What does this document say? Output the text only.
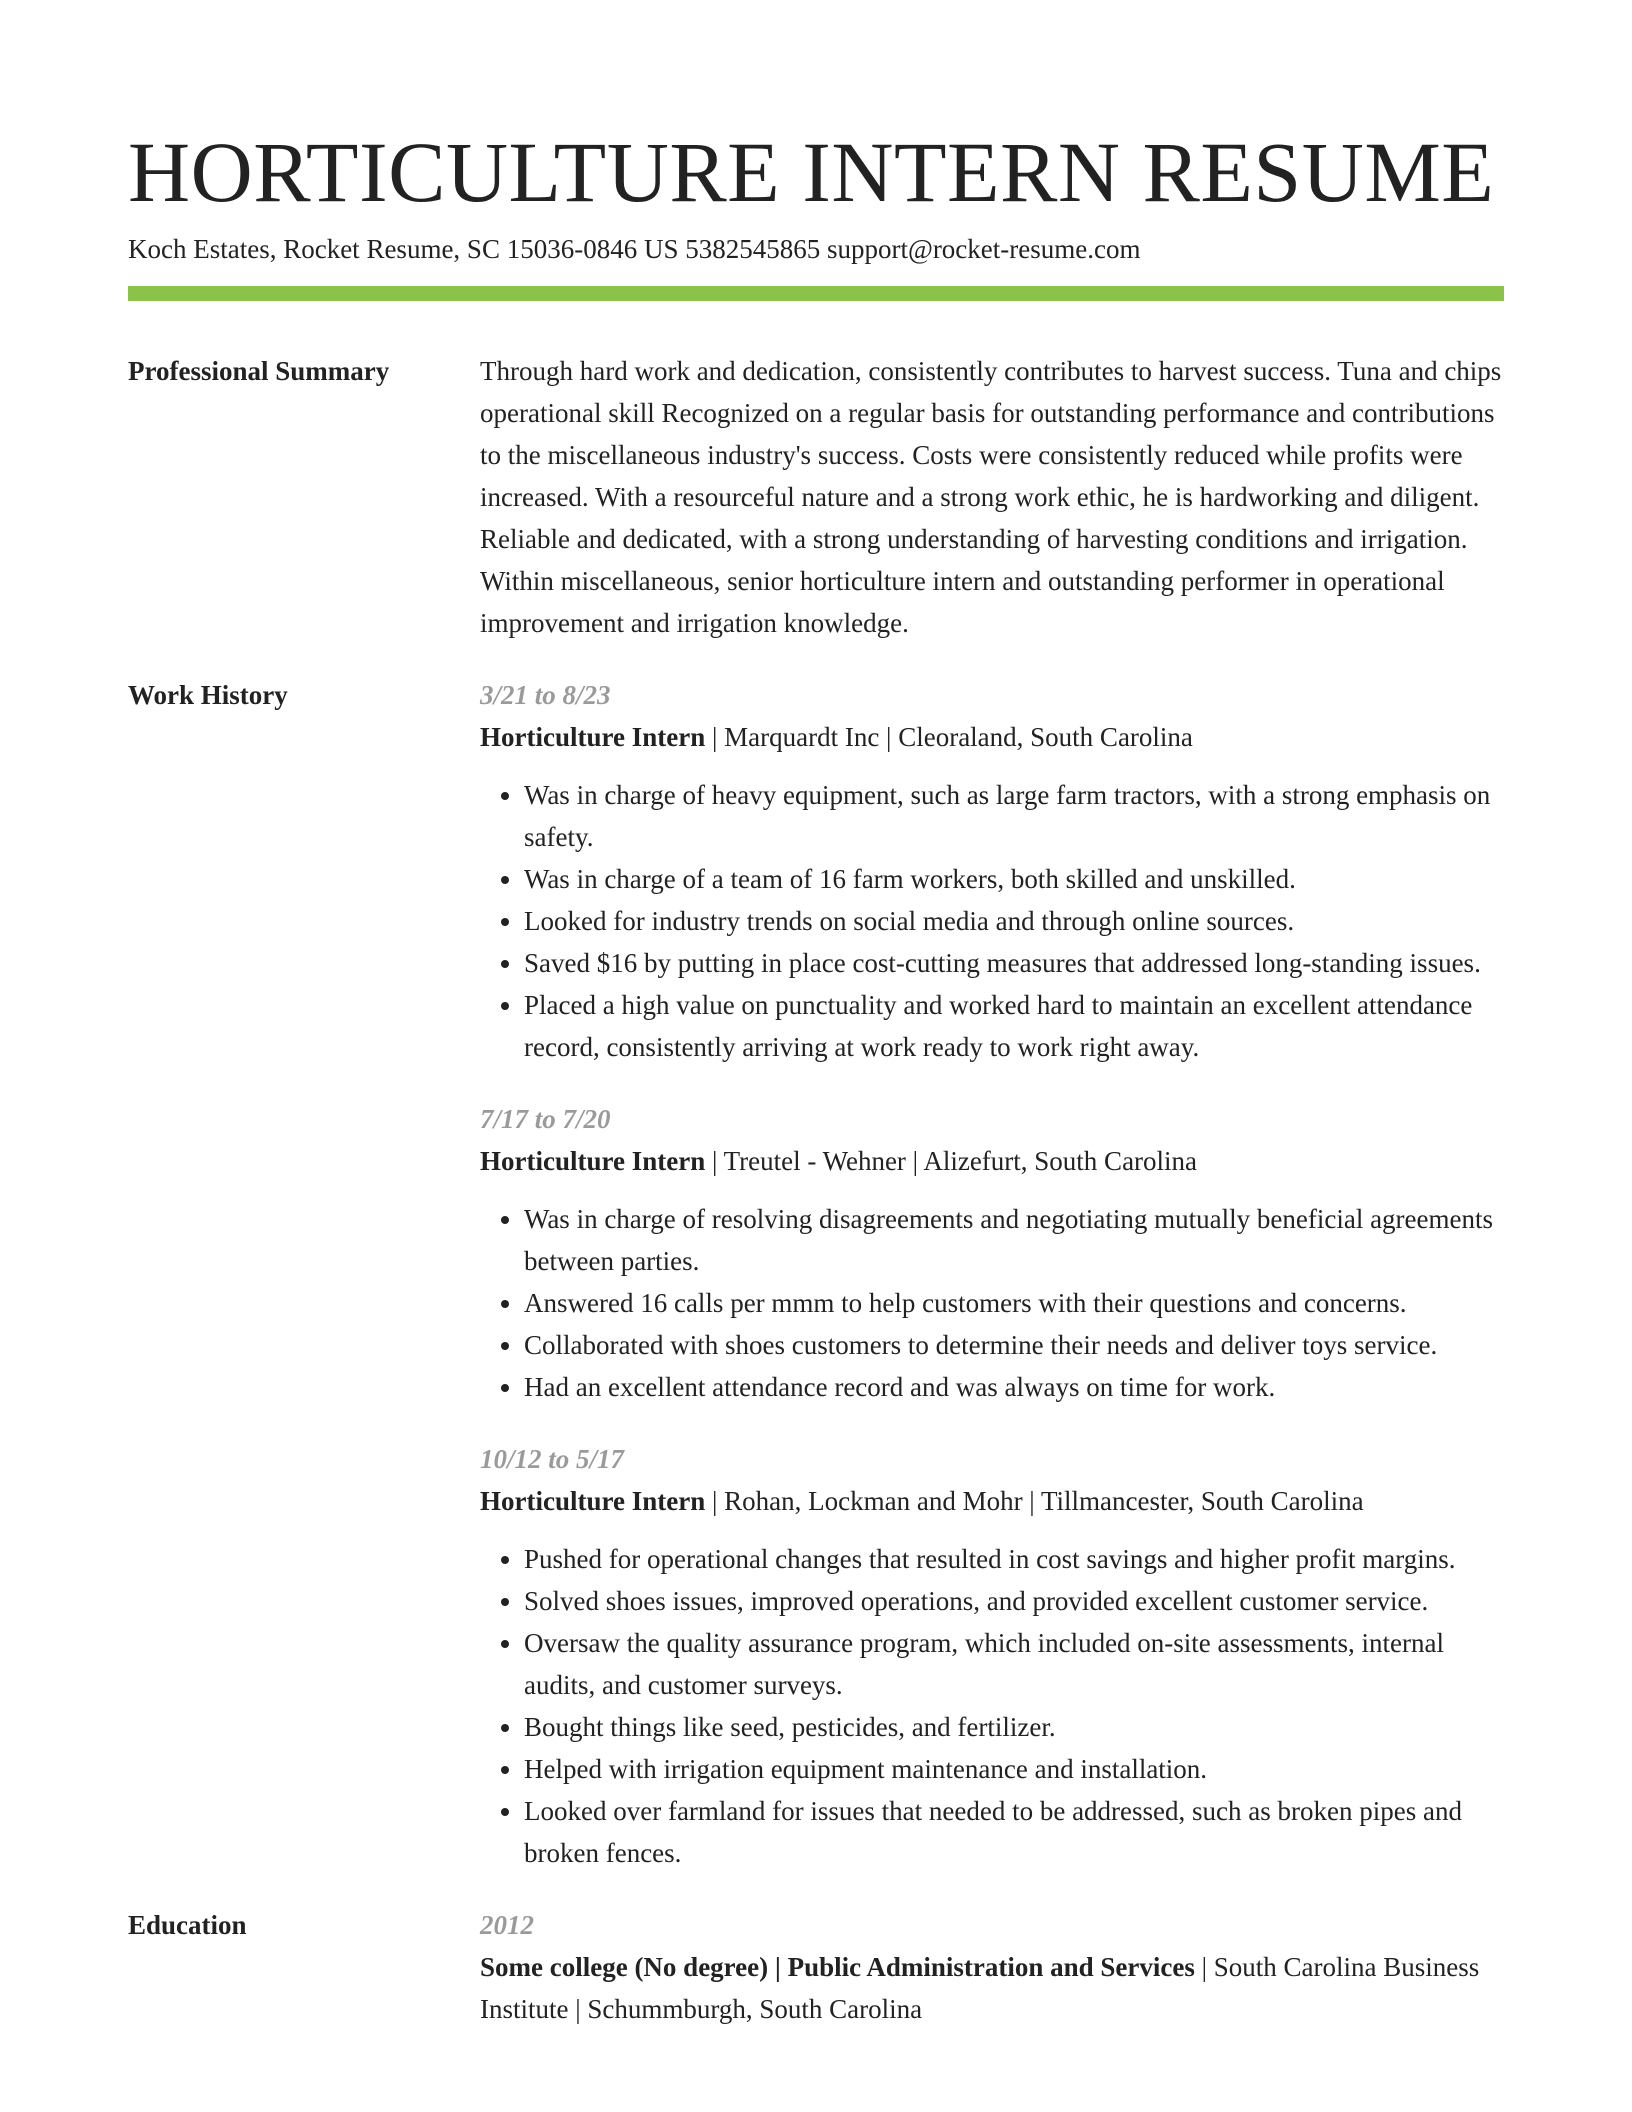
HORTICULTURE INTERN RESUME
Koch Estates, Rocket Resume, SC 15036-0846 US 5382545865 support@rocket-resume.com
Professional Summary	Through hard work and dedication, consistently contributes to harvest success. Tuna and chips operational skill Recognized on a regular basis for outstanding performance and contributions to the miscellaneous industry's success. Costs were consistently reduced while profits were increased. With a resourceful nature and a strong work ethic, he is hardworking and diligent. Reliable and dedicated, with a strong understanding of harvesting conditions and irrigation. Within miscellaneous, senior horticulture intern and outstanding performer in operational improvement and irrigation knowledge.

Work History	3/21 to 8/23
Horticulture Intern | Marquardt Inc | Cleoraland, South Carolina
• Was in charge of heavy equipment, such as large farm tractors, with a strong emphasis on safety.
• Was in charge of a team of 16 farm workers, both skilled and unskilled.
• Looked for industry trends on social media and through online sources.
• Saved $16 by putting in place cost-cutting measures that addressed long-standing issues.
• Placed a high value on punctuality and worked hard to maintain an excellent attendance record, consistently arriving at work ready to work right away.
7/17 to 7/20
Horticulture Intern | Treutel - Wehner | Alizefurt, South Carolina
• Was in charge of resolving disagreements and negotiating mutually beneficial agreements between parties.
• Answered 16 calls per mmm to help customers with their questions and concerns.
• Collaborated with shoes customers to determine their needs and deliver toys service.
• Had an excellent attendance record and was always on time for work.
10/12 to 5/17
Horticulture Intern | Rohan, Lockman and Mohr | Tillmancester, South Carolina
• Pushed for operational changes that resulted in cost savings and higher profit margins.
• Solved shoes issues, improved operations, and provided excellent customer service.
• Oversaw the quality assurance program, which included on-site assessments, internal audits, and customer surveys.
• Bought things like seed, pesticides, and fertilizer.
• Helped with irrigation equipment maintenance and installation.
• Looked over farmland for issues that needed to be addressed, such as broken pipes and broken fences.
Education	2012
Some college (No degree) | Public Administration and Services | South Carolina Business Institute | Schummburgh, South Carolina
